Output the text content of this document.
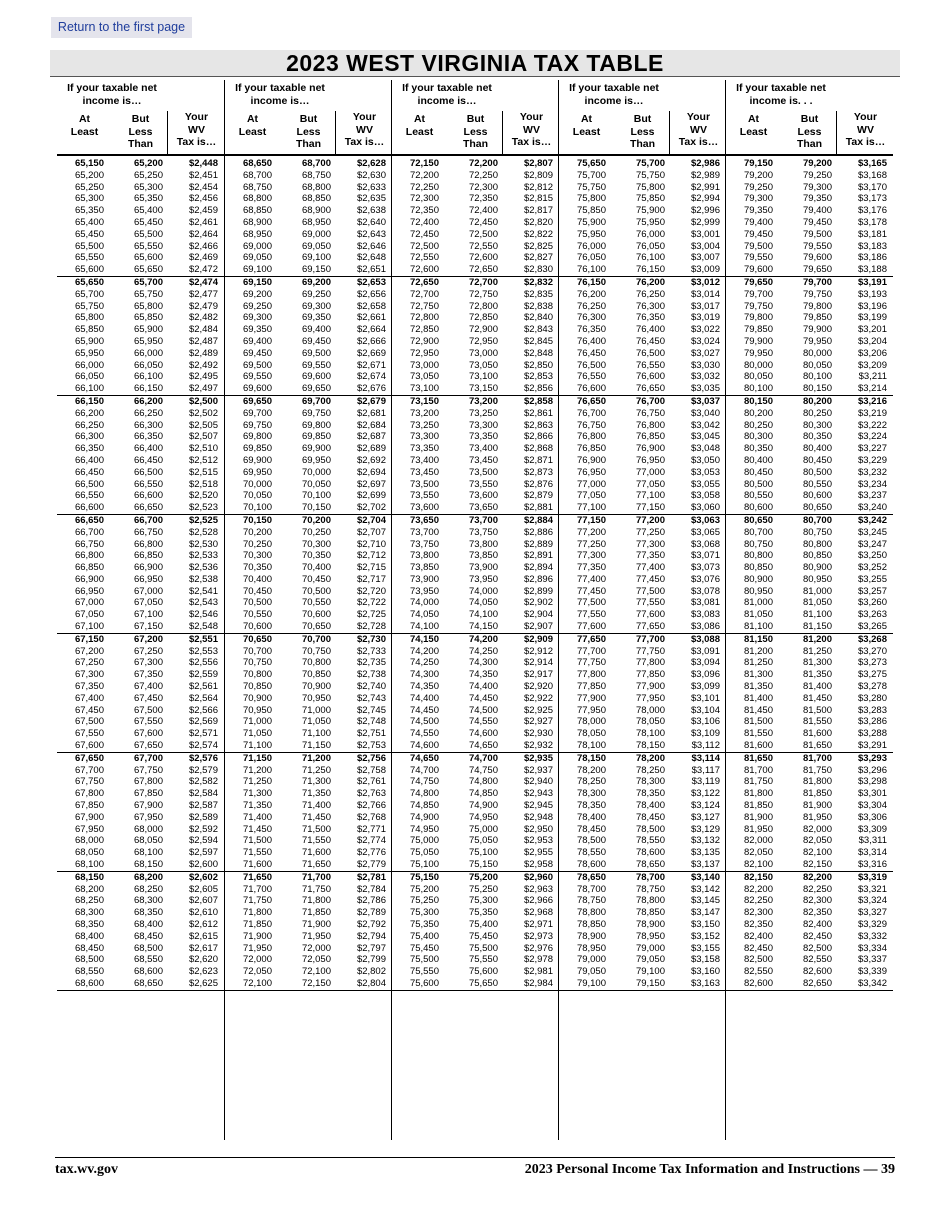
Return to the first page
2023 WEST VIRGINIA TAX TABLE
If your taxable net income is…
At
Least
But
Less
Than
Your
WV
Tax is…
65,150	65,200	$2,448
65,200	65,250	$2,451
65,250	65,300	$2,454
65,300	65,350	$2,456
65,350	65,400	$2,459
65,400	65,450	$2,461
65,450	65,500	$2,464
65,500	65,550	$2,466
65,550	65,600	$2,469
65,600	65,650	$2,472
65,650	65,700	$2,474
65,700	65,750	$2,477
65,750	65,800	$2,479
65,800	65,850	$2,482
65,850	65,900	$2,484
65,900	65,950	$2,487
65,950	66,000	$2,489
66,000	66,050	$2,492
66,050	66,100	$2,495
66,100	66,150	$2,497
66,150	66,200	$2,500
66,200	66,250	$2,502
66,250	66,300	$2,505
66,300	66,350	$2,507
66,350	66,400	$2,510
66,400	66,450	$2,512
66,450	66,500	$2,515
66,500	66,550	$2,518
66,550	66,600	$2,520
66,600	66,650	$2,523
66,650	66,700	$2,525
66,700	66,750	$2,528
66,750	66,800	$2,530
66,800	66,850	$2,533
66,850	66,900	$2,536
66,900	66,950	$2,538
66,950	67,000	$2,541
67,000	67,050	$2,543
67,050	67,100	$2,546
67,100	67,150	$2,548
67,150	67,200	$2,551
67,200	67,250	$2,553
67,250	67,300	$2,556
67,300	67,350	$2,559
67,350	67,400	$2,561
67,400	67,450	$2,564
67,450	67,500	$2,566
67,500	67,550	$2,569
67,550	67,600	$2,571
67,600	67,650	$2,574
67,650	67,700	$2,576
67,700	67,750	$2,579
67,750	67,800	$2,582
67,800	67,850	$2,584
67,850	67,900	$2,587
67,900	67,950	$2,589
67,950	68,000	$2,592
68,000	68,050	$2,594
68,050	68,100	$2,597
68,100	68,150	$2,600
68,150	68,200	$2,602
68,200	68,250	$2,605
68,250	68,300	$2,607
68,300	68,350	$2,610
68,350	68,400	$2,612
68,400	68,450	$2,615
68,450	68,500	$2,617
68,500	68,550	$2,620
68,550	68,600	$2,623
68,600	68,650	$2,625
If your taxable net income is…
At
Least
But
Less
Than
Your
WV
Tax is…
68,650	68,700	$2,628
68,700	68,750	$2,630
68,750	68,800	$2,633
68,800	68,850	$2,635
68,850	68,900	$2,638
68,900	68,950	$2,640
68,950	69,000	$2,643
69,000	69,050	$2,646
69,050	69,100	$2,648
69,100	69,150	$2,651
69,150	69,200	$2,653
69,200	69,250	$2,656
69,250	69,300	$2,658
69,300	69,350	$2,661
69,350	69,400	$2,664
69,400	69,450	$2,666
69,450	69,500	$2,669
69,500	69,550	$2,671
69,550	69,600	$2,674
69,600	69,650	$2,676
69,650	69,700	$2,679
69,700	69,750	$2,681
69,750	69,800	$2,684
69,800	69,850	$2,687
69,850	69,900	$2,689
69,900	69,950	$2,692
69,950	70,000	$2,694
70,000	70,050	$2,697
70,050	70,100	$2,699
70,100	70,150	$2,702
70,150	70,200	$2,704
70,200	70,250	$2,707
70,250	70,300	$2,710
70,300	70,350	$2,712
70,350	70,400	$2,715
70,400	70,450	$2,717
70,450	70,500	$2,720
70,500	70,550	$2,722
70,550	70,600	$2,725
70,600	70,650	$2,728
70,650	70,700	$2,730
70,700	70,750	$2,733
70,750	70,800	$2,735
70,800	70,850	$2,738
70,850	70,900	$2,740
70,900	70,950	$2,743
70,950	71,000	$2,745
71,000	71,050	$2,748
71,050	71,100	$2,751
71,100	71,150	$2,753
71,150	71,200	$2,756
71,200	71,250	$2,758
71,250	71,300	$2,761
71,300	71,350	$2,763
71,350	71,400	$2,766
71,400	71,450	$2,768
71,450	71,500	$2,771
71,500	71,550	$2,774
71,550	71,600	$2,776
71,600	71,650	$2,779
71,650	71,700	$2,781
71,700	71,750	$2,784
71,750	71,800	$2,786
71,800	71,850	$2,789
71,850	71,900	$2,792
71,900	71,950	$2,794
71,950	72,000	$2,797
72,000	72,050	$2,799
72,050	72,100	$2,802
72,100	72,150	$2,804
If your taxable net income is…
At
Least
But
Less
Than
Your
WV
Tax is…
72,150	72,200	$2,807
72,200	72,250	$2,809
72,250	72,300	$2,812
72,300	72,350	$2,815
72,350	72,400	$2,817
72,400	72,450	$2,820
72,450	72,500	$2,822
72,500	72,550	$2,825
72,550	72,600	$2,827
72,600	72,650	$2,830
72,650	72,700	$2,832
72,700	72,750	$2,835
72,750	72,800	$2,838
72,800	72,850	$2,840
72,850	72,900	$2,843
72,900	72,950	$2,845
72,950	73,000	$2,848
73,000	73,050	$2,850
73,050	73,100	$2,853
73,100	73,150	$2,856
73,150	73,200	$2,858
73,200	73,250	$2,861
73,250	73,300	$2,863
73,300	73,350	$2,866
73,350	73,400	$2,868
73,400	73,450	$2,871
73,450	73,500	$2,873
73,500	73,550	$2,876
73,550	73,600	$2,879
73,600	73,650	$2,881
73,650	73,700	$2,884
73,700	73,750	$2,886
73,750	73,800	$2,889
73,800	73,850	$2,891
73,850	73,900	$2,894
73,900	73,950	$2,896
73,950	74,000	$2,899
74,000	74,050	$2,902
74,050	74,100	$2,904
74,100	74,150	$2,907
74,150	74,200	$2,909
74,200	74,250	$2,912
74,250	74,300	$2,914
74,300	74,350	$2,917
74,350	74,400	$2,920
74,400	74,450	$2,922
74,450	74,500	$2,925
74,500	74,550	$2,927
74,550	74,600	$2,930
74,600	74,650	$2,932
74,650	74,700	$2,935
74,700	74,750	$2,937
74,750	74,800	$2,940
74,800	74,850	$2,943
74,850	74,900	$2,945
74,900	74,950	$2,948
74,950	75,000	$2,950
75,000	75,050	$2,953
75,050	75,100	$2,955
75,100	75,150	$2,958
75,150	75,200	$2,960
75,200	75,250	$2,963
75,250	75,300	$2,966
75,300	75,350	$2,968
75,350	75,400	$2,971
75,400	75,450	$2,973
75,450	75,500	$2,976
75,500	75,550	$2,978
75,550	75,600	$2,981
75,600	75,650	$2,984
If your taxable net income is…
At
Least
But
Less
Than
Your
WV
Tax is…
75,650	75,700	$2,986
75,700	75,750	$2,989
75,750	75,800	$2,991
75,800	75,850	$2,994
75,850	75,900	$2,996
75,900	75,950	$2,999
75,950	76,000	$3,001
76,000	76,050	$3,004
76,050	76,100	$3,007
76,100	76,150	$3,009
76,150	76,200	$3,012
76,200	76,250	$3,014
76,250	76,300	$3,017
76,300	76,350	$3,019
76,350	76,400	$3,022
76,400	76,450	$3,024
76,450	76,500	$3,027
76,500	76,550	$3,030
76,550	76,600	$3,032
76,600	76,650	$3,035
76,650	76,700	$3,037
76,700	76,750	$3,040
76,750	76,800	$3,042
76,800	76,850	$3,045
76,850	76,900	$3,048
76,900	76,950	$3,050
76,950	77,000	$3,053
77,000	77,050	$3,055
77,050	77,100	$3,058
77,100	77,150	$3,060
77,150	77,200	$3,063
77,200	77,250	$3,065
77,250	77,300	$3,068
77,300	77,350	$3,071
77,350	77,400	$3,073
77,400	77,450	$3,076
77,450	77,500	$3,078
77,500	77,550	$3,081
77,550	77,600	$3,083
77,600	77,650	$3,086
77,650	77,700	$3,088
77,700	77,750	$3,091
77,750	77,800	$3,094
77,800	77,850	$3,096
77,850	77,900	$3,099
77,900	77,950	$3,101
77,950	78,000	$3,104
78,000	78,050	$3,106
78,050	78,100	$3,109
78,100	78,150	$3,112
78,150	78,200	$3,114
78,200	78,250	$3,117
78,250	78,300	$3,119
78,300	78,350	$3,122
78,350	78,400	$3,124
78,400	78,450	$3,127
78,450	78,500	$3,129
78,500	78,550	$3,132
78,550	78,600	$3,135
78,600	78,650	$3,137
78,650	78,700	$3,140
78,700	78,750	$3,142
78,750	78,800	$3,145
78,800	78,850	$3,147
78,850	78,900	$3,150
78,900	78,950	$3,152
78,950	79,000	$3,155
79,000	79,050	$3,158
79,050	79,100	$3,160
79,100	79,150	$3,163
If your taxable net income is. . .
At
Least
But
Less
Than
Your
WV
Tax is…
79,150	79,200	$3,165
79,200	79,250	$3,168
79,250	79,300	$3,170
79,300	79,350	$3,173
79,350	79,400	$3,176
79,400	79,450	$3,178
79,450	79,500	$3,181
79,500	79,550	$3,183
79,550	79,600	$3,186
79,600	79,650	$3,188
79,650	79,700	$3,191
79,700	79,750	$3,193
79,750	79,800	$3,196
79,800	79,850	$3,199
79,850	79,900	$3,201
79,900	79,950	$3,204
79,950	80,000	$3,206
80,000	80,050	$3,209
80,050	80,100	$3,211
80,100	80,150	$3,214
80,150	80,200	$3,216
80,200	80,250	$3,219
80,250	80,300	$3,222
80,300	80,350	$3,224
80,350	80,400	$3,227
80,400	80,450	$3,229
80,450	80,500	$3,232
80,500	80,550	$3,234
80,550	80,600	$3,237
80,600	80,650	$3,240
80,650	80,700	$3,242
80,700	80,750	$3,245
80,750	80,800	$3,247
80,800	80,850	$3,250
80,850	80,900	$3,252
80,900	80,950	$3,255
80,950	81,000	$3,257
81,000	81,050	$3,260
81,050	81,100	$3,263
81,100	81,150	$3,265
81,150	81,200	$3,268
81,200	81,250	$3,270
81,250	81,300	$3,273
81,300	81,350	$3,275
81,350	81,400	$3,278
81,400	81,450	$3,280
81,450	81,500	$3,283
81,500	81,550	$3,286
81,550	81,600	$3,288
81,600	81,650	$3,291
81,650	81,700	$3,293
81,700	81,750	$3,296
81,750	81,800	$3,298
81,800	81,850	$3,301
81,850	81,900	$3,304
81,900	81,950	$3,306
81,950	82,000	$3,309
82,000	82,050	$3,311
82,050	82,100	$3,314
82,100	82,150	$3,316
82,150	82,200	$3,319
82,200	82,250	$3,321
82,250	82,300	$3,324
82,300	82,350	$3,327
82,350	82,400	$3,329
82,400	82,450	$3,332
82,450	82,500	$3,334
82,500	82,550	$3,337
82,550	82,600	$3,339
82,600	82,650	$3,342
tax.wv.gov	2023 Personal Income Tax Information and Instructions — 39
